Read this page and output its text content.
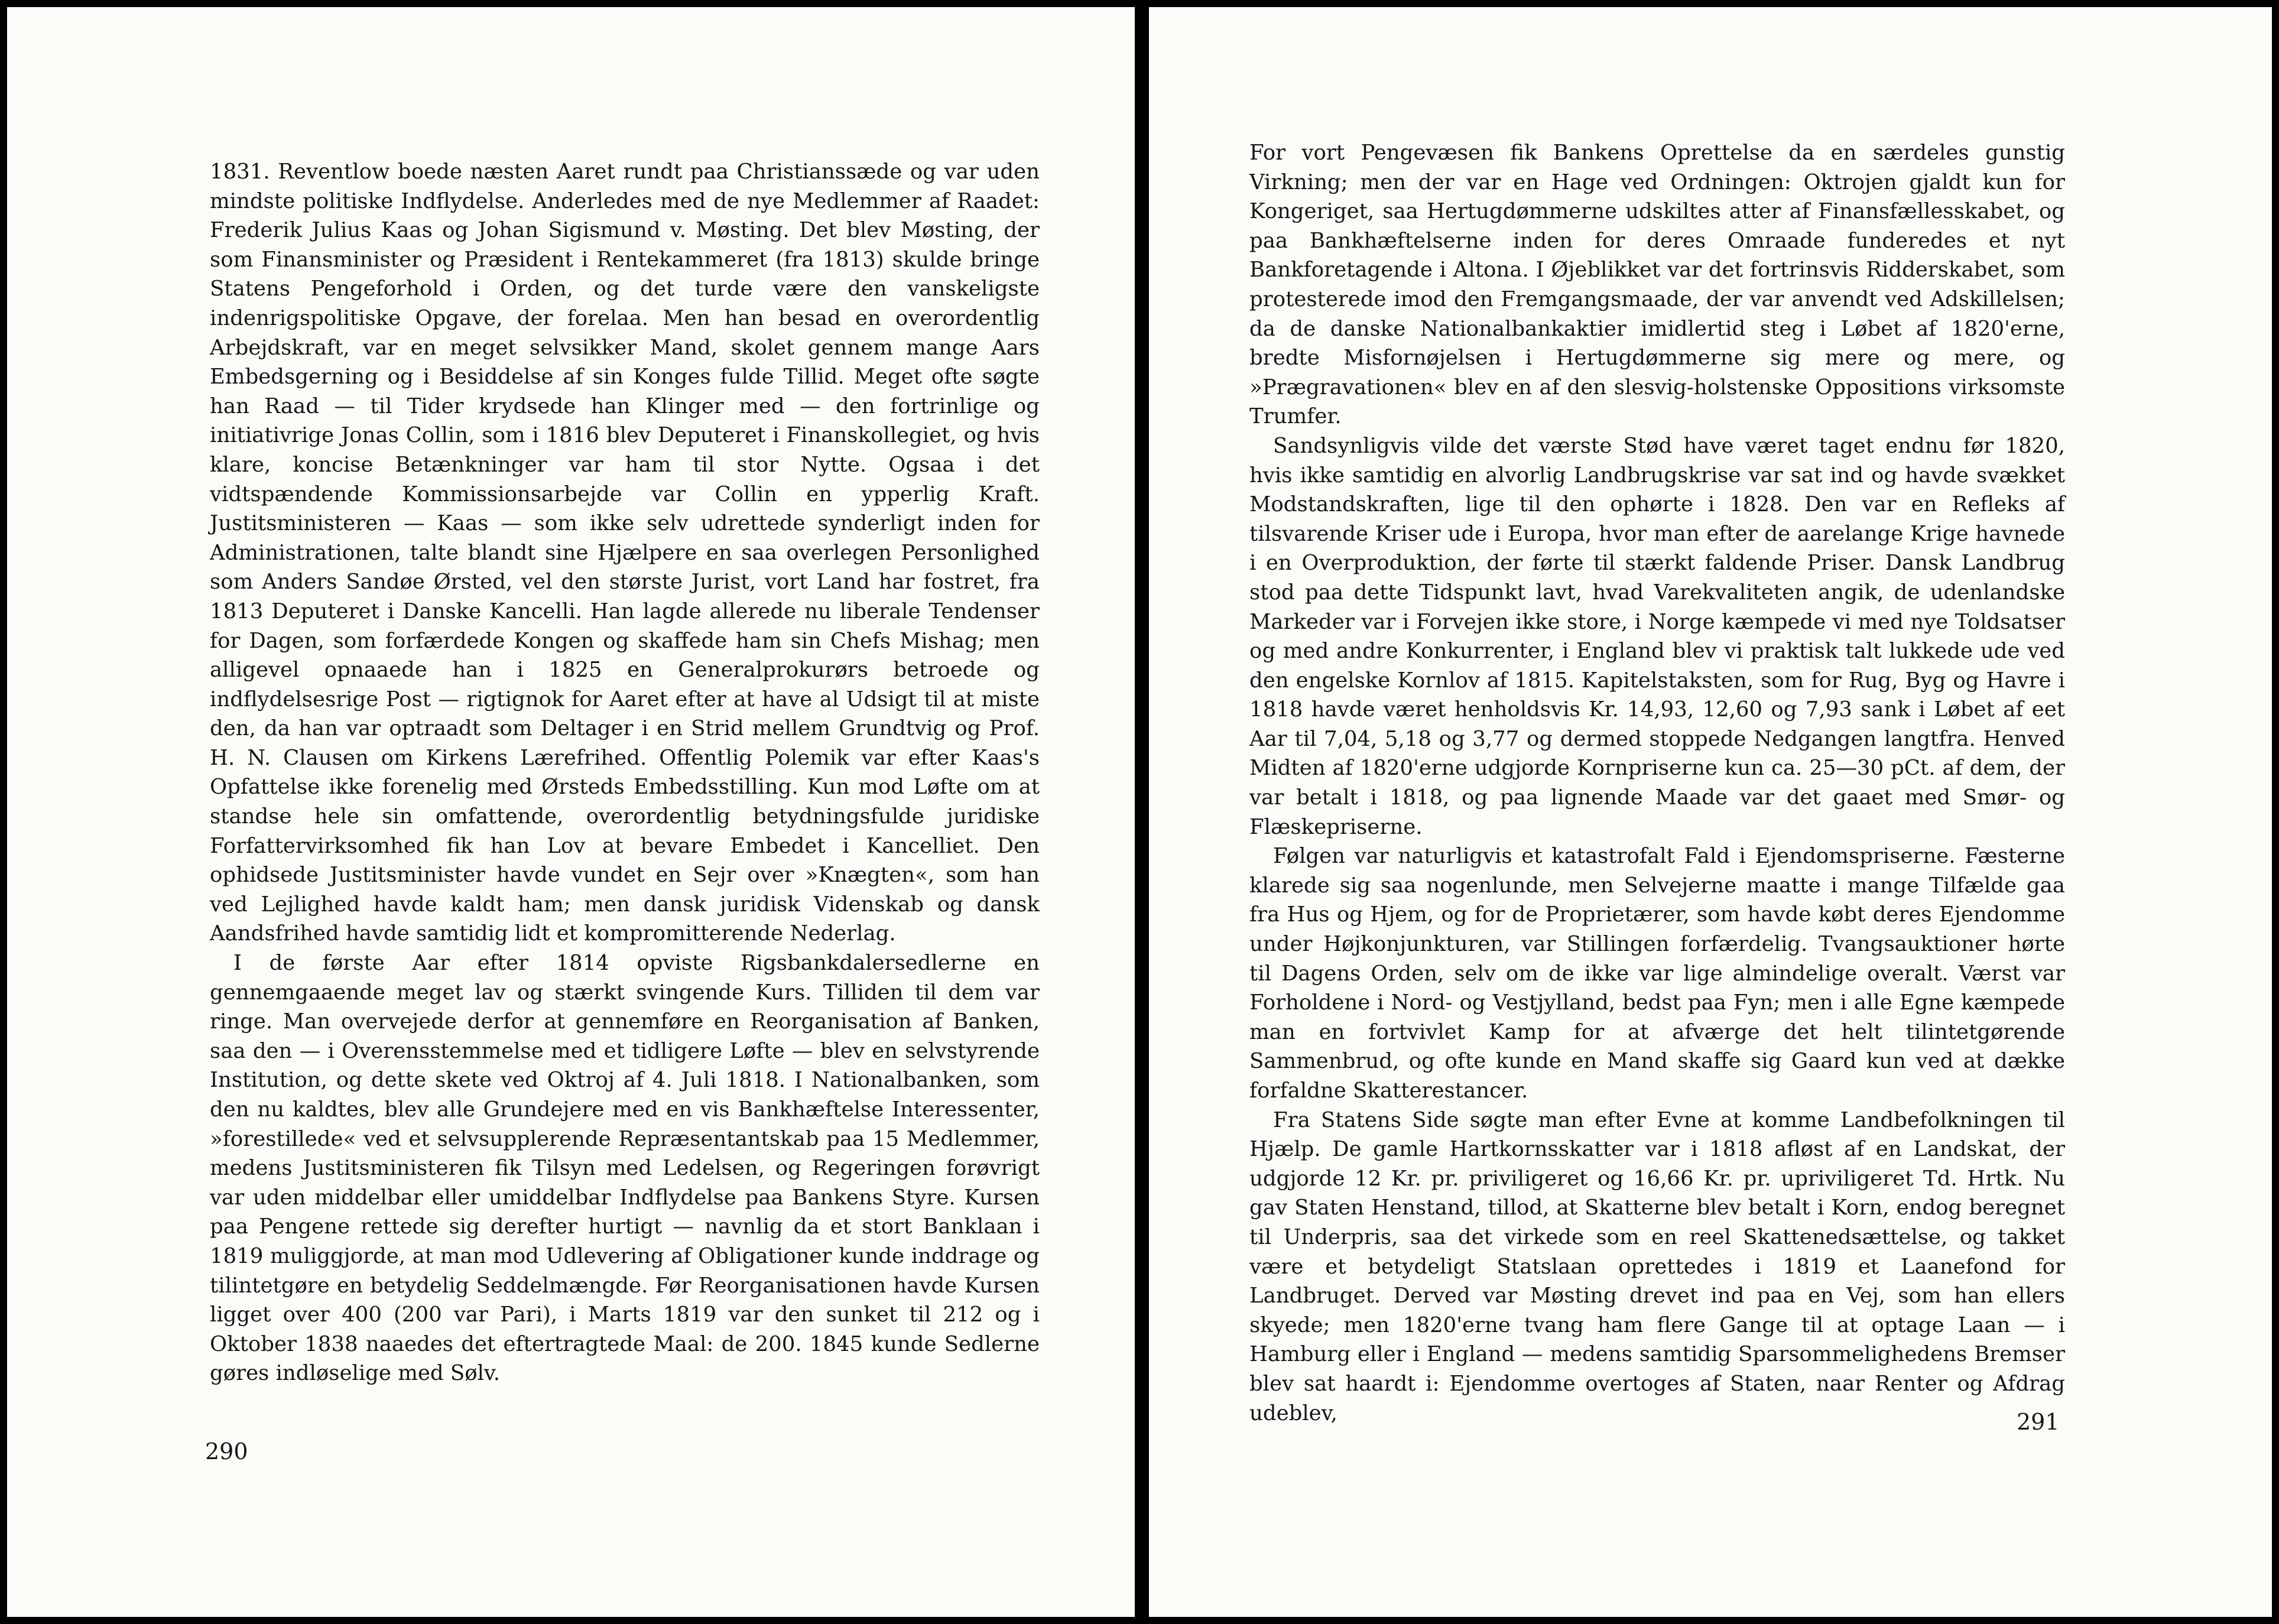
1831. Reventlow boede næsten Aaret rundt paa Christianssæde og var uden mindste politiske Indflydelse. Anderledes med de nye Medlemmer af Raadet: Frederik Julius Kaas og Johan Sigismund v. Møsting. Det blev Møsting, der som Finansminister og Præsident i Rentekammeret (fra 1813) skulde bringe Statens Pengeforhold i Orden, og det turde være den vanskeligste indenrigspolitiske Opgave, der forelaa. Men han besad en overordentlig Arbejdskraft, var en meget selvsikker Mand, skolet gennem mange Aars Embedsgerning og i Besiddelse af sin Konges fulde Tillid. Meget ofte søgte han Raad — til Tider krydsede han Klinger med — den fortrinlige og initiativrige Jonas Collin, som i 1816 blev Deputeret i Finanskollegiet, og hvis klare, koncise Betænkninger var ham til stor Nytte. Ogsaa i det vidtspændende Kommissionsarbejde var Collin en ypperlig Kraft. Justitsministeren — Kaas — som ikke selv udrettede synderligt inden for Administrationen, talte blandt sine Hjælpere en saa overlegen Personlighed som Anders Sandøe Ørsted, vel den største Jurist, vort Land har fostret, fra 1813 Deputeret i Danske Kancelli. Han lagde allerede nu liberale Tendenser for Dagen, som forfærdede Kongen og skaffede ham sin Chefs Mishag; men alligevel opnaaede han i 1825 en Generalprokurørs betroede og indflydelsesrige Post — rigtignok for Aaret efter at have al Udsigt til at miste den, da han var optraadt som Deltager i en Strid mellem Grundtvig og Prof. H. N. Clausen om Kirkens Lærefrihed. Offentlig Polemik var efter Kaas's Opfattelse ikke forenelig med Ørsteds Embedsstilling. Kun mod Løfte om at standse hele sin omfattende, overordentlig betydningsfulde juridiske Forfattervirksomhed fik han Lov at bevare Embedet i Kancelliet. Den ophidsede Justitsminister havde vundet en Sejr over »Knægten«, som han ved Lejlighed havde kaldt ham; men dansk juridisk Videnskab og dansk Aandsfrihed havde samtidig lidt et kompromitterende Nederlag.

I de første Aar efter 1814 opviste Rigsbankdalersedlerne en gennemgaaende meget lav og stærkt svingende Kurs. Tilliden til dem var ringe. Man overvejede derfor at gennemføre en Reorganisation af Banken, saa den — i Overensstemmelse med et tidligere Løfte — blev en selvstyrende Institution, og dette skete ved Oktroj af 4. Juli 1818. I Nationalbanken, som den nu kaldtes, blev alle Grundejere med en vis Bankhæftelse Interessenter, »forestillede« ved et selvsupplerende Repræsentantskab paa 15 Medlemmer, medens Justitsministeren fik Tilsyn med Ledelsen, og Regeringen forøvrigt var uden middelbar eller umiddelbar Indflydelse paa Bankens Styre. Kursen paa Pengene rettede sig derefter hurtigt — navnlig da et stort Banklaan i 1819 muliggjorde, at man mod Udlevering af Obligationer kunde inddrage og tilintetgøre en betydelig Seddelmængde. Før Reorganisationen havde Kursen ligget over 400 (200 var Pari), i Marts 1819 var den sunket til 212 og i Oktober 1838 naaedes det eftertragtede Maal: de 200. 1845 kunde Sedlerne gøres indløselige med Sølv.

290

For vort Pengevæsen fik Bankens Oprettelse da en særdeles gunstig Virkning; men der var en Hage ved Ordningen: Oktrojen gjaldt kun for Kongeriget, saa Hertugdømmerne udskiltes atter af Finansfællesskabet, og paa Bankhæftelserne inden for deres Omraade funderedes et nyt Bankforetagende i Altona. I Øjeblikket var det fortrinsvis Ridderskabet, som protesterede imod den Fremgangsmaade, der var anvendt ved Adskillelsen; da de danske Nationalbankaktier imidlertid steg i Løbet af 1820'erne, bredte Misfornøjelsen i Hertugdømmerne sig mere og mere, og »Prægravationen« blev en af den slesvig-holstenske Oppositions virksomste Trumfer.

Sandsynligvis vilde det værste Stød have været taget endnu før 1820, hvis ikke samtidig en alvorlig Landbrugskrise var sat ind og havde svækket Modstandskraften, lige til den ophørte i 1828. Den var en Refleks af tilsvarende Kriser ude i Europa, hvor man efter de aarelange Krige havnede i en Overproduktion, der førte til stærkt faldende Priser. Dansk Landbrug stod paa dette Tidspunkt lavt, hvad Varekvaliteten angik, de udenlandske Markeder var i Forvejen ikke store, i Norge kæmpede vi med nye Toldsatser og med andre Konkurrenter, i England blev vi praktisk talt lukkede ude ved den engelske Kornlov af 1815. Kapitelstaksten, som for Rug, Byg og Havre i 1818 havde været henholdsvis Kr. 14,93, 12,60 og 7,93 sank i Løbet af eet Aar til 7,04, 5,18 og 3,77 og dermed stoppede Nedgangen langtfra. Henved Midten af 1820'erne udgjorde Kornpriserne kun ca. 25—30 pCt. af dem, der var betalt i 1818, og paa lignende Maade var det gaaet med Smør- og Flæskepriserne.

Følgen var naturligvis et katastrofalt Fald i Ejendomspriserne. Fæsterne klarede sig saa nogenlunde, men Selvejerne maatte i mange Tilfælde gaa fra Hus og Hjem, og for de Proprietærer, som havde købt deres Ejendomme under Højkonjunkturen, var Stillingen forfærdelig. Tvangsauktioner hørte til Dagens Orden, selv om de ikke var lige almindelige overalt. Værst var Forholdene i Nord- og Vestjylland, bedst paa Fyn; men i alle Egne kæmpede man en fortvivlet Kamp for at afværge det helt tilintetgørende Sammenbrud, og ofte kunde en Mand skaffe sig Gaard kun ved at dække forfaldne Skatterestancer.

Fra Statens Side søgte man efter Evne at komme Landbefolkningen til Hjælp. De gamle Hartkornsskatter var i 1818 afløst af en Landskat, der udgjorde 12 Kr. pr. priviligeret og 16,66 Kr. pr. upriviligeret Td. Hrtk. Nu gav Staten Henstand, tillod, at Skatterne blev betalt i Korn, endog beregnet til Underpris, saa det virkede som en reel Skattenedsættelse, og takket være et betydeligt Statslaan oprettedes i 1819 et Laanefond for Landbruget. Derved var Møsting drevet ind paa en Vej, som han ellers skyede; men 1820'erne tvang ham flere Gange til at optage Laan — i Hamburg eller i England — medens samtidig Sparsommelighedens Bremser blev sat haardt i: Ejendomme overtoges af Staten, naar Renter og Afdrag udeblev,	291
